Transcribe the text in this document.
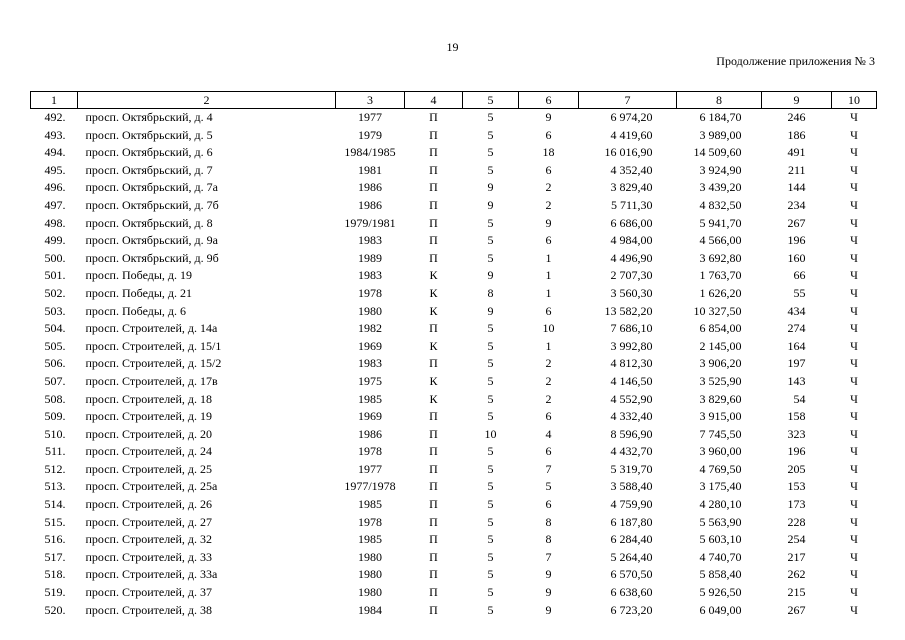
19
Продолжение приложения № 3
1	2	3	4	5	6	7	8	9	10
492.	просп. Октябрьский, д. 4	1977	П	5	9	6 974,20	6 184,70	246	Ч
493.	просп. Октябрьский, д. 5	1979	П	5	6	4 419,60	3 989,00	186	Ч
494.	просп. Октябрьский, д. 6	1984/1985	П	5	18	16 016,90	14 509,60	491	Ч
495.	просп. Октябрьский, д. 7	1981	П	5	6	4 352,40	3 924,90	211	Ч
496.	просп. Октябрьский, д. 7а	1986	П	9	2	3 829,40	3 439,20	144	Ч
497.	просп. Октябрьский, д. 7б	1986	П	9	2	5 711,30	4 832,50	234	Ч
498.	просп. Октябрьский, д. 8	1979/1981	П	5	9	6 686,00	5 941,70	267	Ч
499.	просп. Октябрьский, д. 9а	1983	П	5	6	4 984,00	4 566,00	196	Ч
500.	просп. Октябрьский, д. 9б	1989	П	5	1	4 496,90	3 692,80	160	Ч
501.	просп. Победы, д. 19	1983	К	9	1	2 707,30	1 763,70	66	Ч
502.	просп. Победы, д. 21	1978	К	8	1	3 560,30	1 626,20	55	Ч
503.	просп. Победы, д. 6	1980	К	9	6	13 582,20	10 327,50	434	Ч
504.	просп. Строителей, д. 14а	1982	П	5	10	7 686,10	6 854,00	274	Ч
505.	просп. Строителей, д. 15/1	1969	К	5	1	3 992,80	2 145,00	164	Ч
506.	просп. Строителей, д. 15/2	1983	П	5	2	4 812,30	3 906,20	197	Ч
507.	просп. Строителей, д. 17в	1975	К	5	2	4 146,50	3 525,90	143	Ч
508.	просп. Строителей, д. 18	1985	К	5	2	4 552,90	3 829,60	54	Ч
509.	просп. Строителей, д. 19	1969	П	5	6	4 332,40	3 915,00	158	Ч
510.	просп. Строителей, д. 20	1986	П	10	4	8 596,90	7 745,50	323	Ч
511.	просп. Строителей, д. 24	1978	П	5	6	4 432,70	3 960,00	196	Ч
512.	просп. Строителей, д. 25	1977	П	5	7	5 319,70	4 769,50	205	Ч
513.	просп. Строителей, д. 25а	1977/1978	П	5	5	3 588,40	3 175,40	153	Ч
514.	просп. Строителей, д. 26	1985	П	5	6	4 759,90	4 280,10	173	Ч
515.	просп. Строителей, д. 27	1978	П	5	8	6 187,80	5 563,90	228	Ч
516.	просп. Строителей, д. 32	1985	П	5	8	6 284,40	5 603,10	254	Ч
517.	просп. Строителей, д. 33	1980	П	5	7	5 264,40	4 740,70	217	Ч
518.	просп. Строителей, д. 33а	1980	П	5	9	6 570,50	5 858,40	262	Ч
519.	просп. Строителей, д. 37	1980	П	5	9	6 638,60	5 926,50	215	Ч
520.	просп. Строителей, д. 38	1984	П	5	9	6 723,20	6 049,00	267	Ч
